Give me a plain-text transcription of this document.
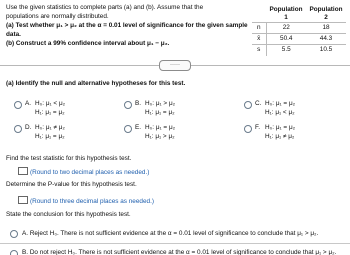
Use the given statistics to complete parts (a) and (b). Assume that the
populations are normally distributed.
(a) Test whether μ₁ > μ₂ at the α = 0.01 level of significance for the given sample
data.
(b) Construct a 99% confidence interval about μ₁ − μ₂.
	Population 1	Population 2
n	22	18
x̄	50.4	44.3
s	5.5	10.5
·····
(a) Identify the null and alternative hypotheses for this test.
A. H₀: μ₁ < μ₂
H₁: μ₁ = μ₂
B. H₀: μ₁ > μ₂
H₁: μ₁ = μ₂
C. H₀: μ₁ = μ₂
H₁: μ₁ < μ₂
D. H₀: μ₁ ≠ μ₂
H₁: μ₁ = μ₂
E. H₀: μ₁ = μ₂
H₁: μ₁ > μ₂
F. H₀: μ₁ = μ₂
H₁: μ₁ ≠ μ₂
Find the test statistic for this hypothesis test.
(Round to two decimal places as needed.)
Determine the P-value for this hypothesis test.
(Round to three decimal places as needed.)
State the conclusion for this hypothesis test.
A. Reject H₀. There is not sufficient evidence at the α = 0.01 level of significance to conclude that μ₁ > μ₂.
B. Do not reject H₀. There is not sufficient evidence at the α = 0.01 level of significance to conclude that μ₁ > μ₂.
